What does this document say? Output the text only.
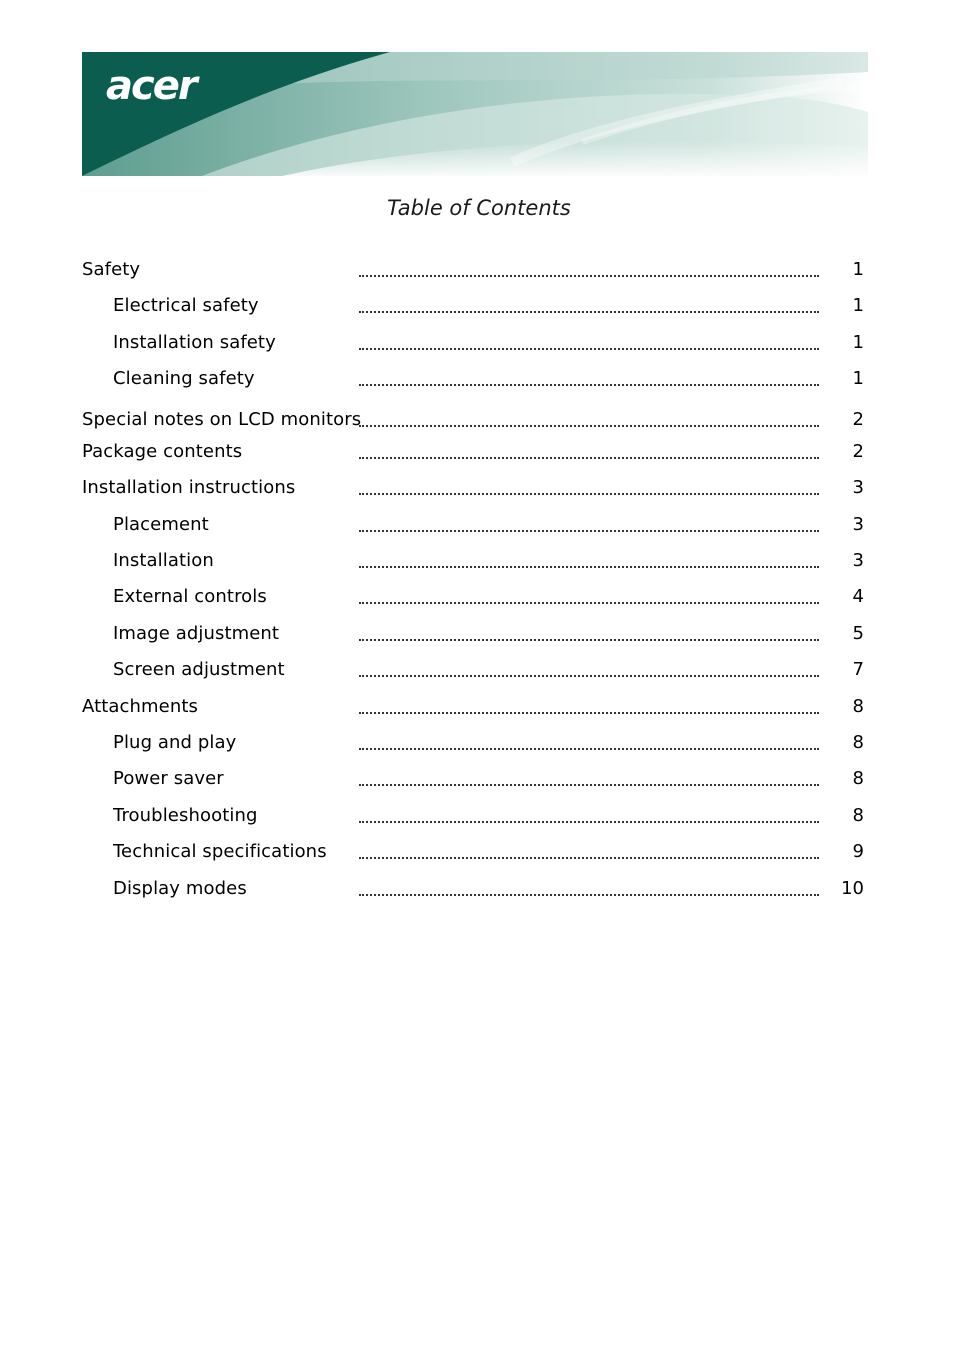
acer
Table of Contents
Safety	1
Electrical safety	1
Installation safety	1
Cleaning safety	1
Special notes on LCD monitors	2
Package contents	2
Installation instructions	3
Placement	3
Installation	3
External controls	4
Image adjustment	5
Screen adjustment	7
Attachments	8
Plug and play	8
Power saver	8
Troubleshooting	8
Technical specifications	9
Display modes	10
